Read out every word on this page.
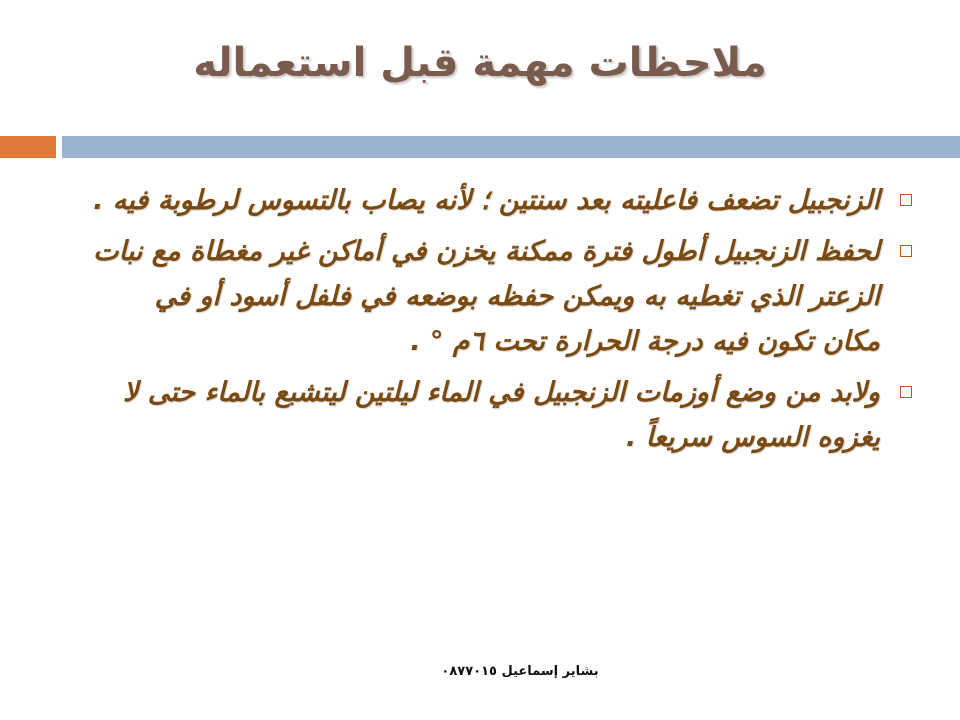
ملاحظات مهمة قبل استعماله
الزنجبيل تضعف فاعليته بعد سنتين ؛ لأنه يصاب بالتسوس لرطوبة فيه .
لحفظ الزنجبيل أطول فترة ممكنة يخزن في أماكن غير مغطاة مع نبات الزعتر الذي تغطيه به ويمكن حفظه بوضعه في فلفل أسود أو في مكان تكون فيه درجة الحرارة تحت ٦م ° .
ولابد من وضع أوزمات الزنجبيل في الماء ليلتين ليتشبع بالماء حتى لا يغزوه السوس سريعاً .
بشاير إسماعيل ٠٨٧٧٠١٥
